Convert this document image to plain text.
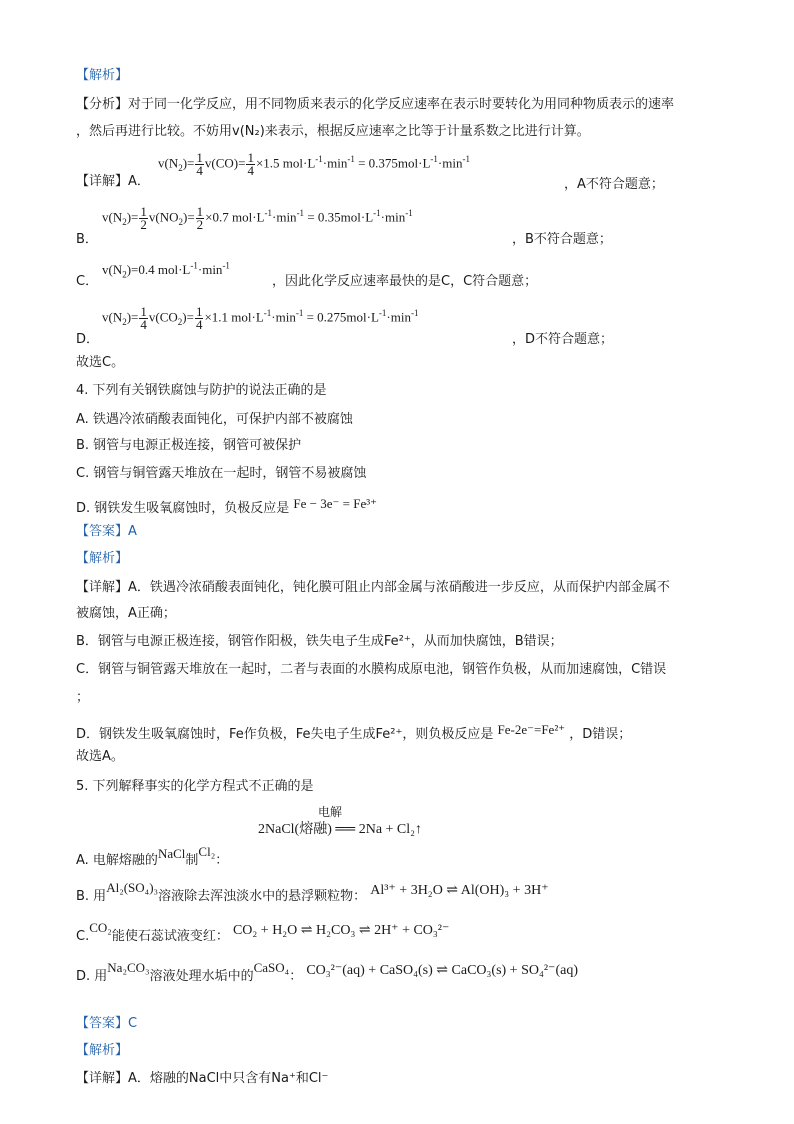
【解析】
【分析】对于同一化学反应，用不同物质来表示的化学反应速率在表示时要转化为用同种物质表示的速率
，然后再进行比较。不妨用v(N₂)来表示，根据反应速率之比等于计量系数之比进行计算。
【详解】A．
$v(N_2)= \frac{1}{4} v(CO)= \frac{1}{4} \times 1.5$ $mol\cdot L^{-1}\cdot\min^{-1} = 0.375mol\cdot L^{-1}\cdot\min^{-1}$
，A不符合题意；
B．
$v(N_2)= \frac{1}{2} v(NO_2)= \frac{1}{2} \times 0.7$ $mol\cdot L^{-1}\cdot\min^{-1} = 0.35mol\cdot L^{-1}\cdot\min^{-1}$
，B不符合题意；
C．
$v(N_2)=0.4$ $mol\cdot L^{-1}\cdot\min^{-1}$
，因此化学反应速率最快的是C，C符合题意；
D．
$v(N_2)= \frac{1}{4} v(CO_2)= \frac{1}{4} \times 1.1$ $mol\cdot L^{-1}\cdot\min^{-1} = 0.275mol\cdot L^{-1}\cdot\min^{-1}$
，D不符合题意；
故选C。
4. 下列有关钢铁腐蚀与防护的说法正确的是
A. 铁遇冷浓硝酸表面钝化，可保护内部不被腐蚀
B. 钢管与电源正极连接，钢管可被保护
C. 钢管与铜管露天堆放在一起时，钢管不易被腐蚀
D. 钢铁发生吸氧腐蚀时，负极反应是 Fe − 3e⁻ = Fe³⁺
【答案】A
【解析】
【详解】A．铁遇冷浓硝酸表面钝化，钝化膜可阻止内部金属与浓硝酸进一步反应，从而保护内部金属不
被腐蚀，A正确；
B．钢管与电源正极连接，钢管作阳极，铁失电子生成Fe²⁺，从而加快腐蚀，B错误；
C．钢管与铜管露天堆放在一起时，二者与表面的水膜构成原电池，钢管作负极，从而加速腐蚀，C错误
；
D．钢铁发生吸氧腐蚀时，Fe作负极，Fe失电子生成Fe²⁺，则负极反应是 Fe-2e⁻=Fe²⁺ ，D错误；
故选A。
5. 下列解释事实的化学方程式不正确的是
电解
2NaCl(熔融) ══ 2Na + Cl₂↑
A. 电解熔融的NaCl制Cl₂：
B. 用Al₂(SO₄)₃溶液除去浑浊淡水中的悬浮颗粒物： Al³⁺ + 3H₂O ⇌ Al(OH)₃ + 3H⁺
C.CO₂能使石蕊试液变红： CO₂ + H₂O ⇌ H₂CO₃ ⇌ 2H⁺ + CO₃²⁻
D. 用Na₂CO₃溶液处理水垢中的CaSO₄： CO₃²⁻(aq) + CaSO₄(s) ⇌ CaCO₃(s) + SO₄²⁻(aq)
【答案】C
【解析】
【详解】A．熔融的NaCl中只含有Na⁺和Cl⁻
